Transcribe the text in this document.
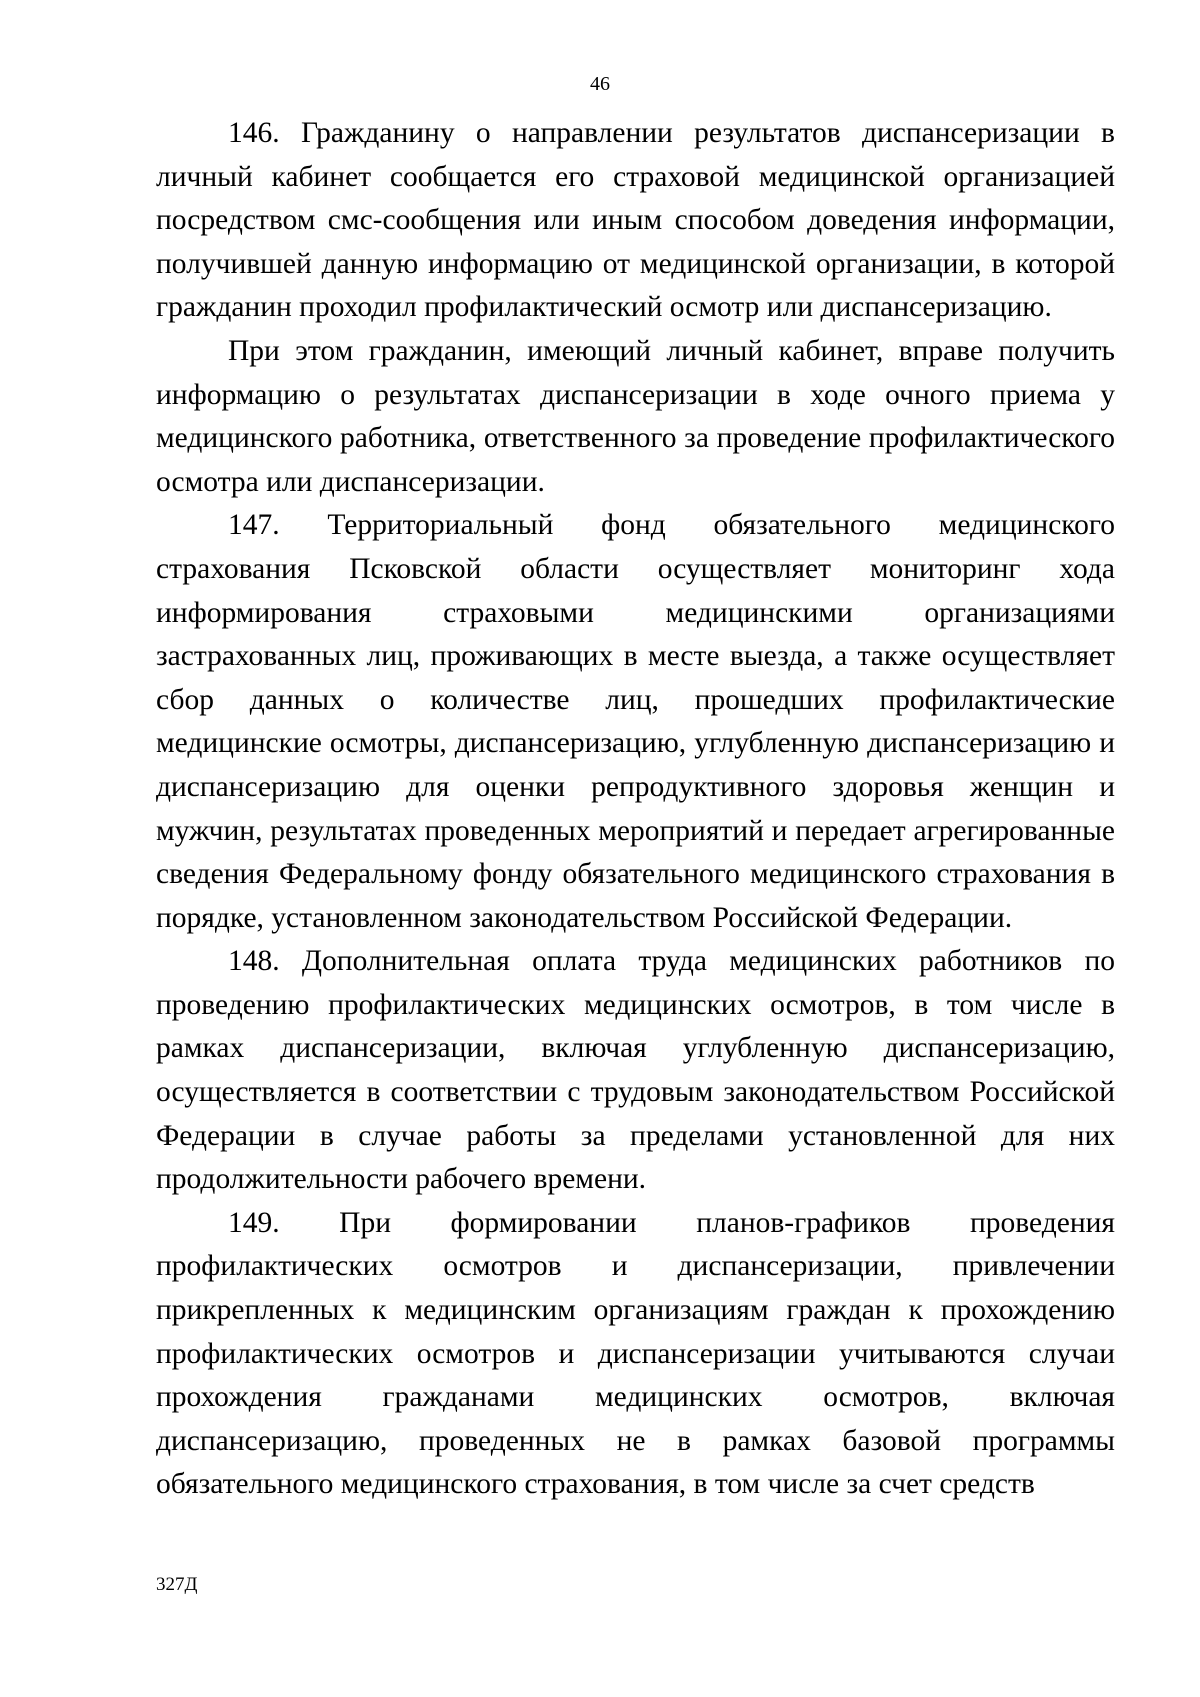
46

146. Гражданину о направлении результатов диспансеризации в личный кабинет сообщается его страховой медицинской организацией посредством смс-сообщения или иным способом доведения информации, получившей данную информацию от медицинской организации, в которой гражданин проходил профилактический осмотр или диспансеризацию.

При этом гражданин, имеющий личный кабинет, вправе получить информацию о результатах диспансеризации в ходе очного приема у медицинского работника, ответственного за проведение профилактического осмотра или диспансеризации.

147. Территориальный фонд обязательного медицинского страхования Псковской области осуществляет мониторинг хода информирования страховыми медицинскими организациями застрахованных лиц, проживающих в месте выезда, а также осуществляет сбор данных о количестве лиц, прошедших профилактические медицинские осмотры, диспансеризацию, углубленную диспансеризацию и диспансеризацию для оценки репродуктивного здоровья женщин и мужчин, результатах проведенных мероприятий и передает агрегированные сведения Федеральному фонду обязательного медицинского страхования в порядке, установленном законодательством Российской Федерации.

148. Дополнительная оплата труда медицинских работников по проведению профилактических медицинских осмотров, в том числе в рамках диспансеризации, включая углубленную диспансеризацию, осуществляется в соответствии с трудовым законодательством Российской Федерации в случае работы за пределами установленной для них продолжительности рабочего времени.

149. При формировании планов-графиков проведения профилактических осмотров и диспансеризации, привлечении прикрепленных к медицинским организациям граждан к прохождению профилактических осмотров и диспансеризации учитываются случаи прохождения гражданами медицинских осмотров, включая диспансеризацию, проведенных не в рамках базовой программы обязательного медицинского страхования, в том числе за счет средств

327Д
